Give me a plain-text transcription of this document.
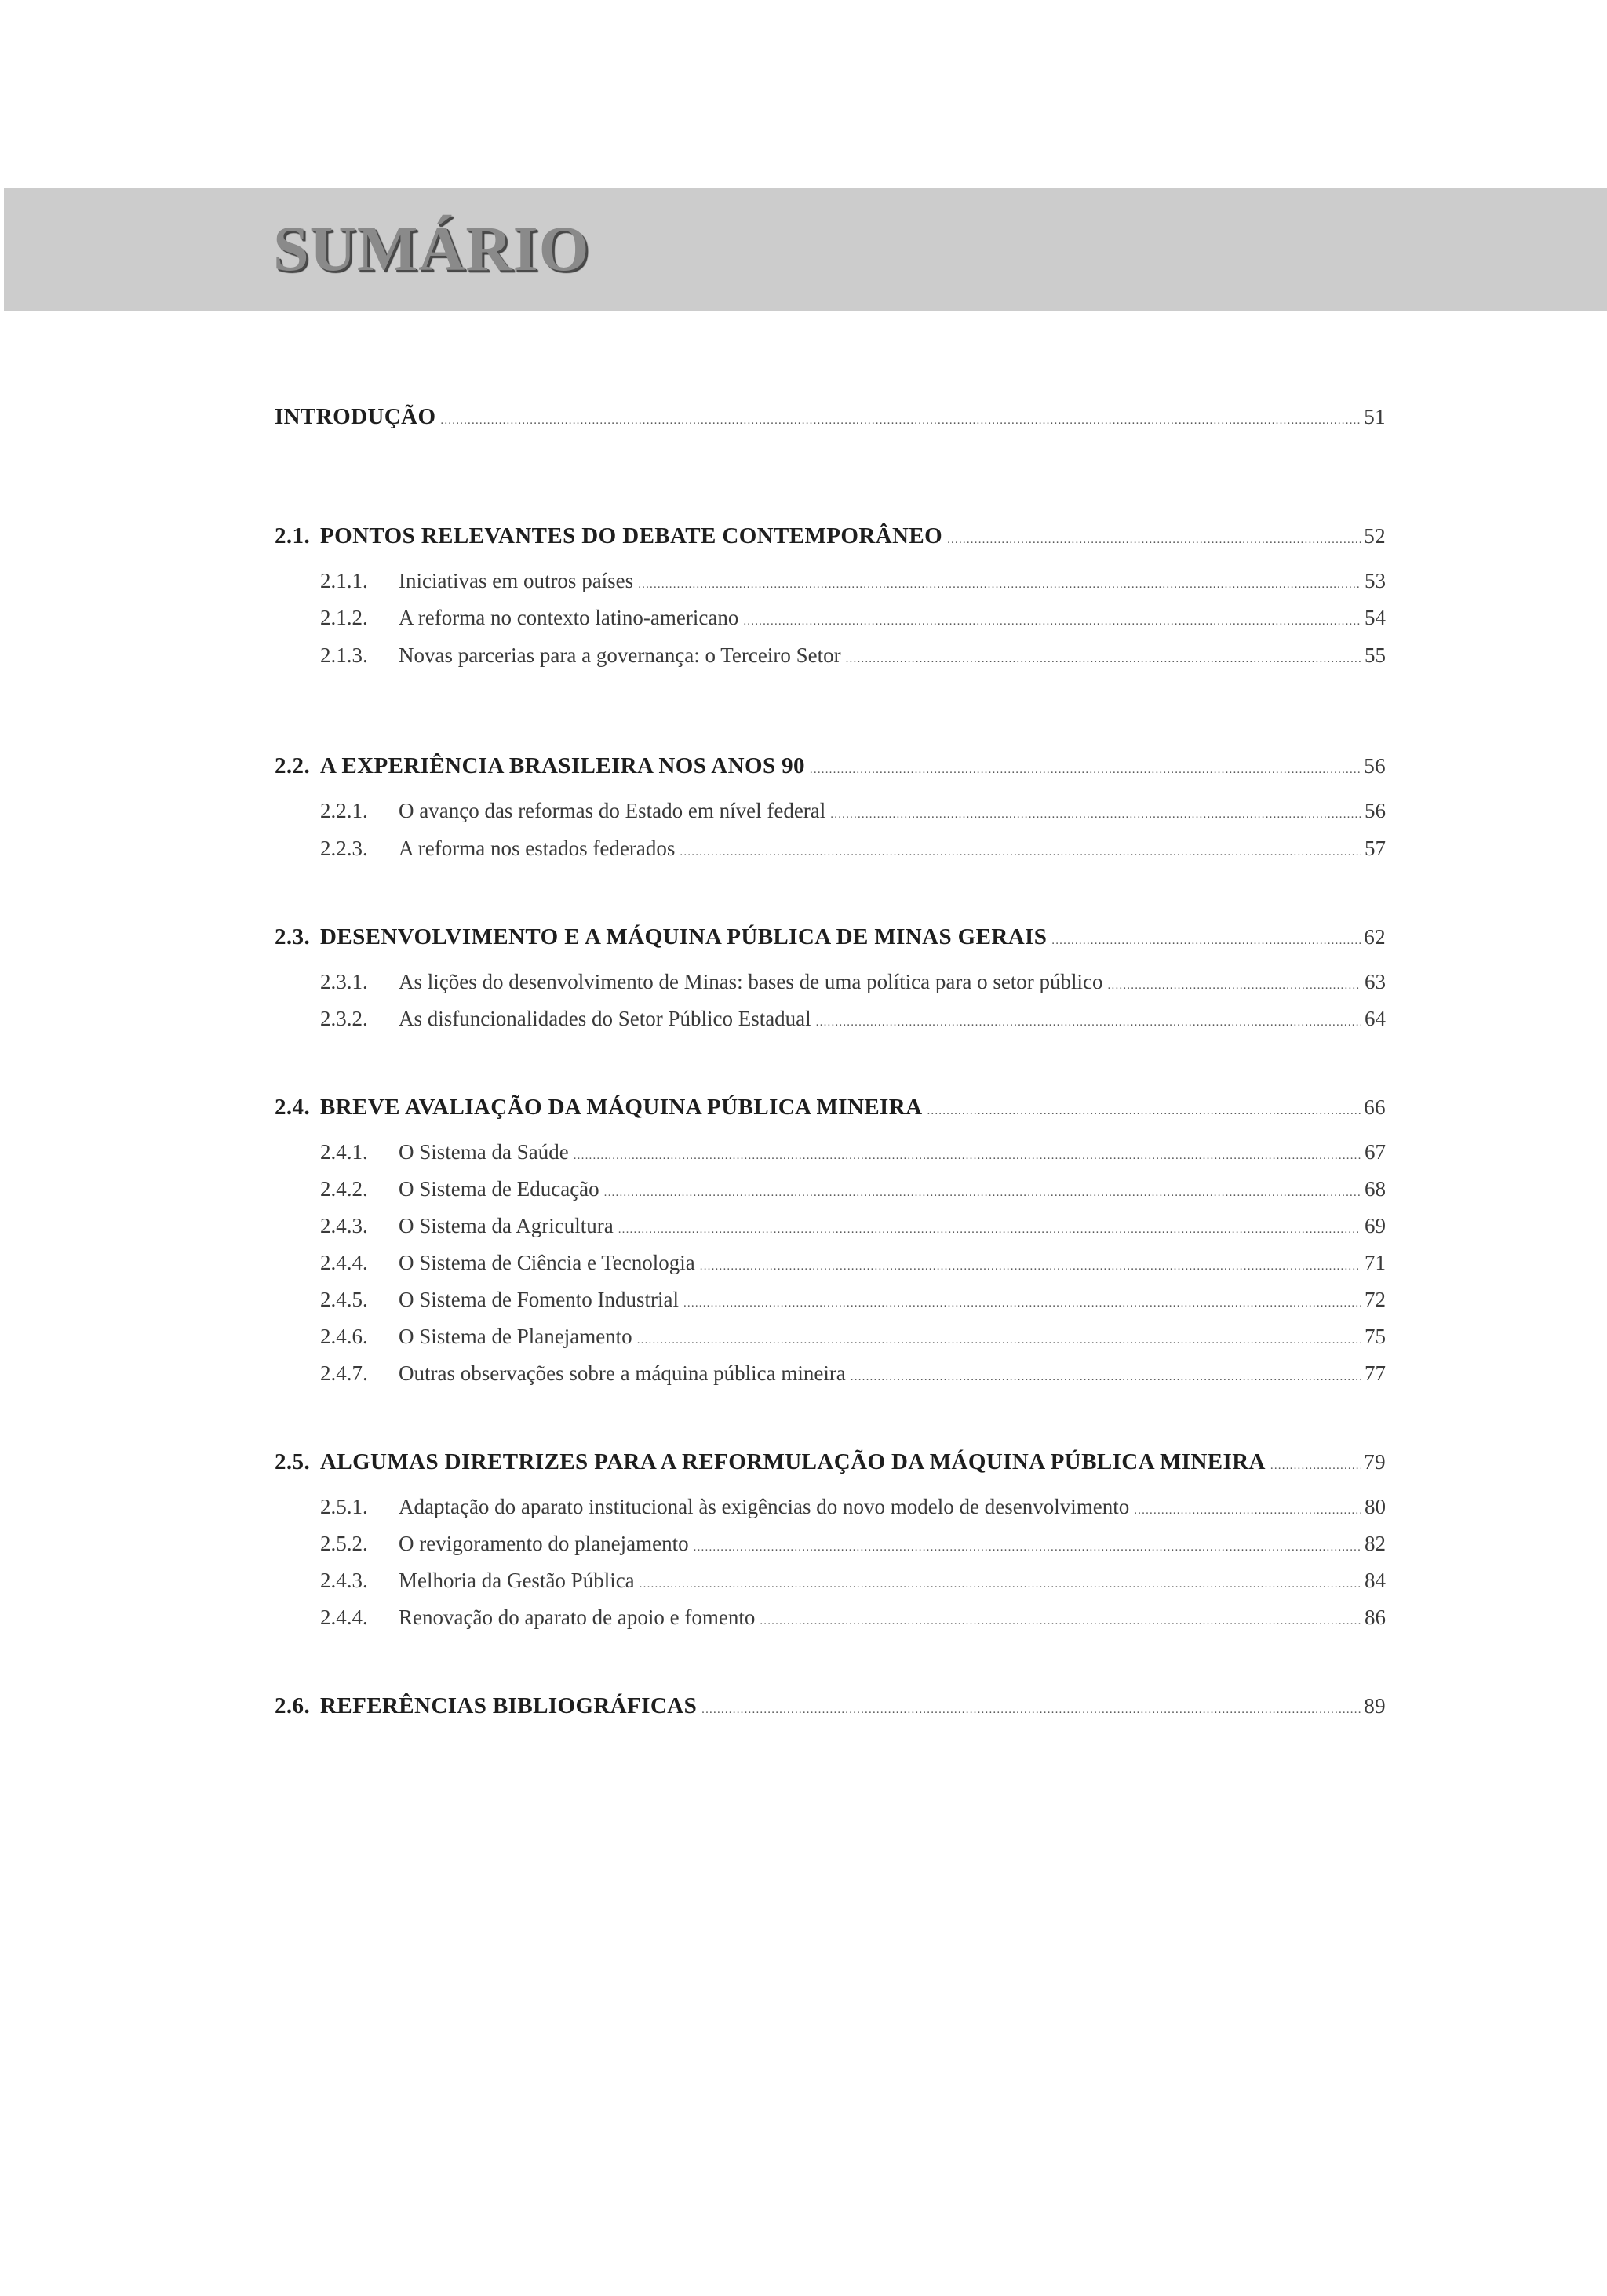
SUMÁRIO
INTRODUÇÃO .....	51
2.1. PONTOS RELEVANTES DO DEBATE CONTEMPORÂNEO .....	52
2.1.1.	Iniciativas em outros países .....	53
2.1.2.	A reforma no contexto latino-americano .....	54
2.1.3.	Novas parcerias para a governança: o Terceiro Setor .....	55
2.2. A EXPERIÊNCIA BRASILEIRA NOS ANOS 90 .....	56
2.2.1.	O avanço das reformas do Estado em nível federal .....	56
2.2.3.	A reforma nos estados federados .....	57
2.3. DESENVOLVIMENTO E A MÁQUINA PÚBLICA DE MINAS GERAIS .....	62
2.3.1.	As lições do desenvolvimento de Minas: bases de uma política para o setor público .....	63
2.3.2.	As disfuncionalidades do Setor Público Estadual .....	64
2.4. BREVE AVALIAÇÃO DA MÁQUINA PÚBLICA MINEIRA .....	66
2.4.1.	O Sistema da Saúde .....	67
2.4.2.	O Sistema de Educação .....	68
2.4.3.	O Sistema da Agricultura .....	69
2.4.4.	O Sistema de Ciência e Tecnologia .....	71
2.4.5.	O Sistema de Fomento Industrial .....	72
2.4.6.	O Sistema de Planejamento .....	75
2.4.7.	Outras observações sobre a máquina pública mineira .....	77
2.5. ALGUMAS DIRETRIZES PARA A REFORMULAÇÃO DA MÁQUINA PÚBLICA MINEIRA .....	79
2.5.1.	Adaptação do aparato institucional às exigências do novo modelo de desenvolvimento .....	80
2.5.2.	O revigoramento do planejamento .....	82
2.4.3.	Melhoria da Gestão Pública .....	84
2.4.4.	Renovação do aparato de apoio e fomento .....	86
2.6. REFERÊNCIAS BIBLIOGRÁFICAS .....	89
